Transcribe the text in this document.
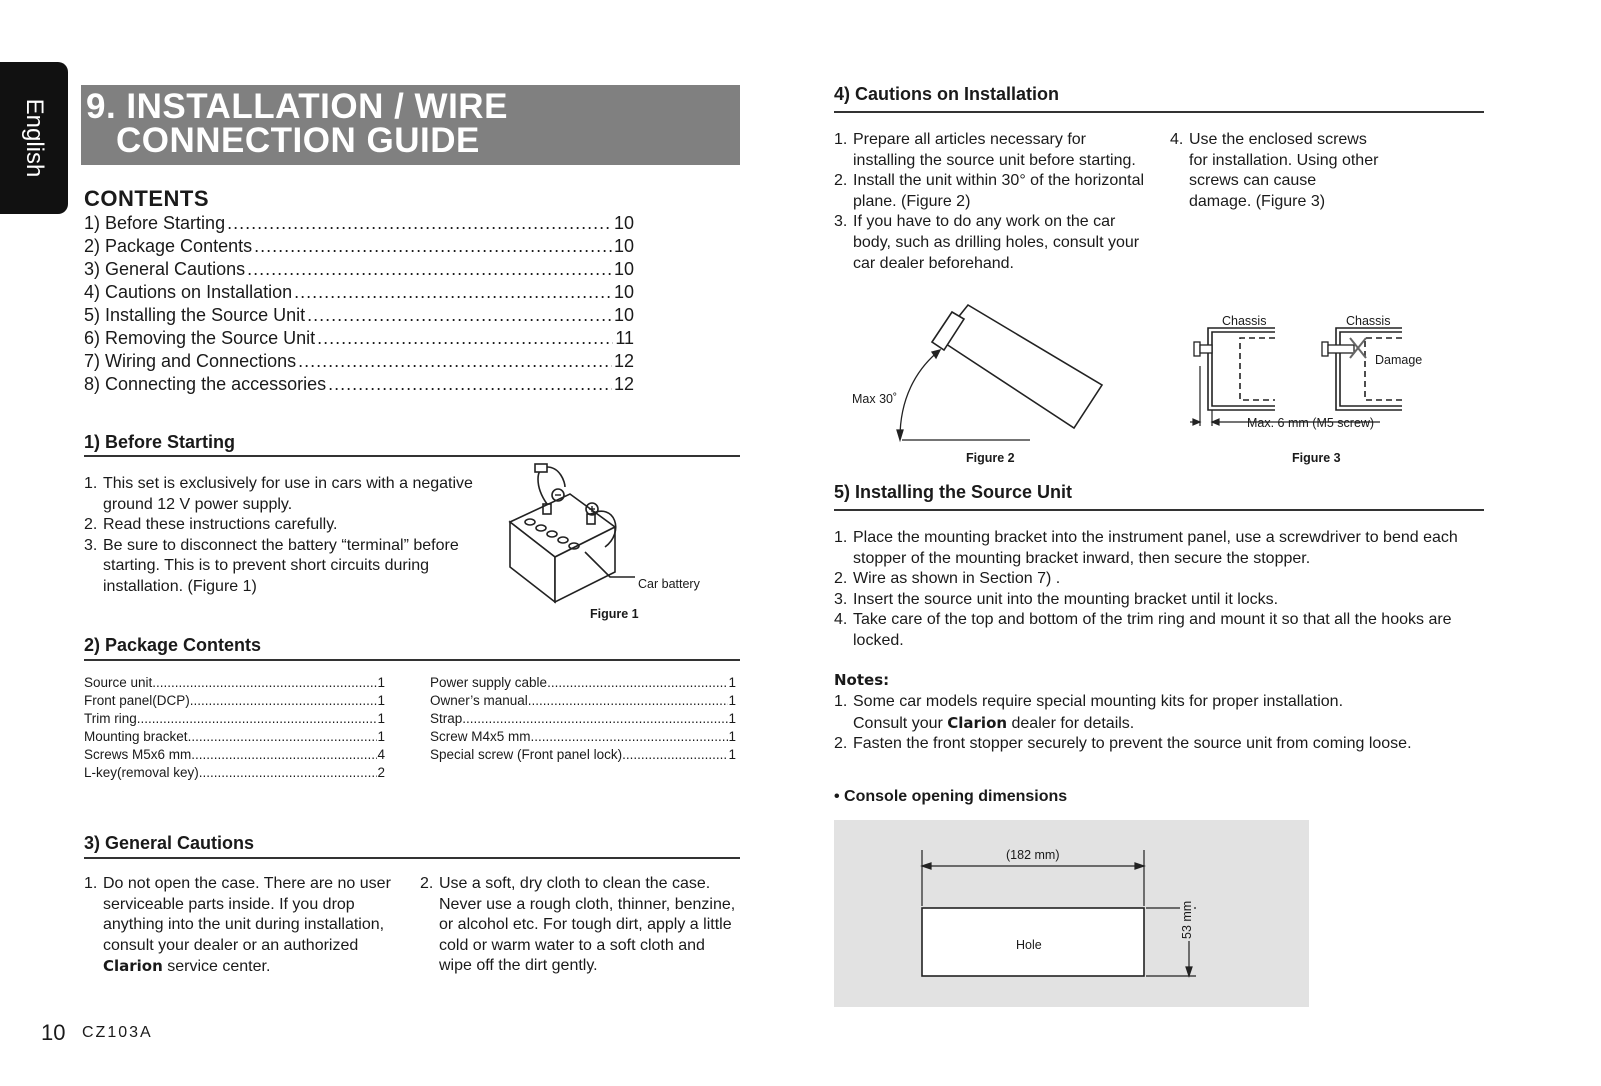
English 9. INSTALLATION / WIRE
CONNECTION GUIDE
CONTENTS
1) Before Starting .....	10
2) Package Contents .....	10
3) General Cautions .....	10
4) Cautions on Installation .....	10
5) Installing the Source Unit .....	10
6) Removing the Source Unit .....	11
7) Wiring and Connections .....	12
8) Connecting the accessories .....	12
1) Before Starting

1. This set is exclusively for use in cars with a negative ground 12 V power supply.

2. Read these instructions carefully.

3. Be sure to disconnect the battery “terminal” before starting. This is to prevent short circuits during installation. (Figure 1)	Car battery
Figure 1
2) Package Contents
Source unit .....	1
Front panel(DCP) .....	1
Trim ring .....	1
Mounting bracket .....	1
Screws M5x6 mm .....	4
L-key(removal key) .....	2
Power supply cable .....	1
Owner’s manual .....	1
Strap .....	1
Screw M4x5 mm .....	1
Special screw (Front panel lock) .....	1
3) General Cautions

1. Do not open the case. There are no user serviceable parts inside. If you drop anything into the unit during installation, consult your dealer or an authorized Clarion service center.

2. Use a soft, dry cloth to clean the case. Never use a rough cloth, thinner, benzine, or alcohol etc. For tough dirt, apply a little cold or warm water to a soft cloth and wipe off the dirt gently.

4) Cautions on Installation

1. Prepare all articles necessary for installing the source unit before starting.

2. Install the unit within 30° of the horizontal plane. (Figure 2)

3. If you have to do any work on the car body, such as drilling holes, consult your car dealer beforehand.

4. Use the enclosed screws for installation. Using other screws can cause damage. (Figure 3)

Max 30˚
Figure 2
Chassis	Chassis
Damage
Max. 6 mm (M5 screw)
Figure 3
5) Installing the Source Unit

1. Place the mounting bracket into the instrument panel, use a screwdriver to bend each stopper of the mounting bracket inward, then secure the stopper.

2. Wire as shown in Section 7) .

3. Insert the source unit into the mounting bracket until it locks.

4. Take care of the top and bottom of the trim ring and mount it so that all the hooks are locked.

Notes:

1. Some car models require special mounting kits for proper installation.
Consult your Clarion dealer for details.

2. Fasten the front stopper securely to prevent the source unit from coming loose.

• Console opening dimensions
(182 mm)
Hole
53 mm
10 CZ103A
